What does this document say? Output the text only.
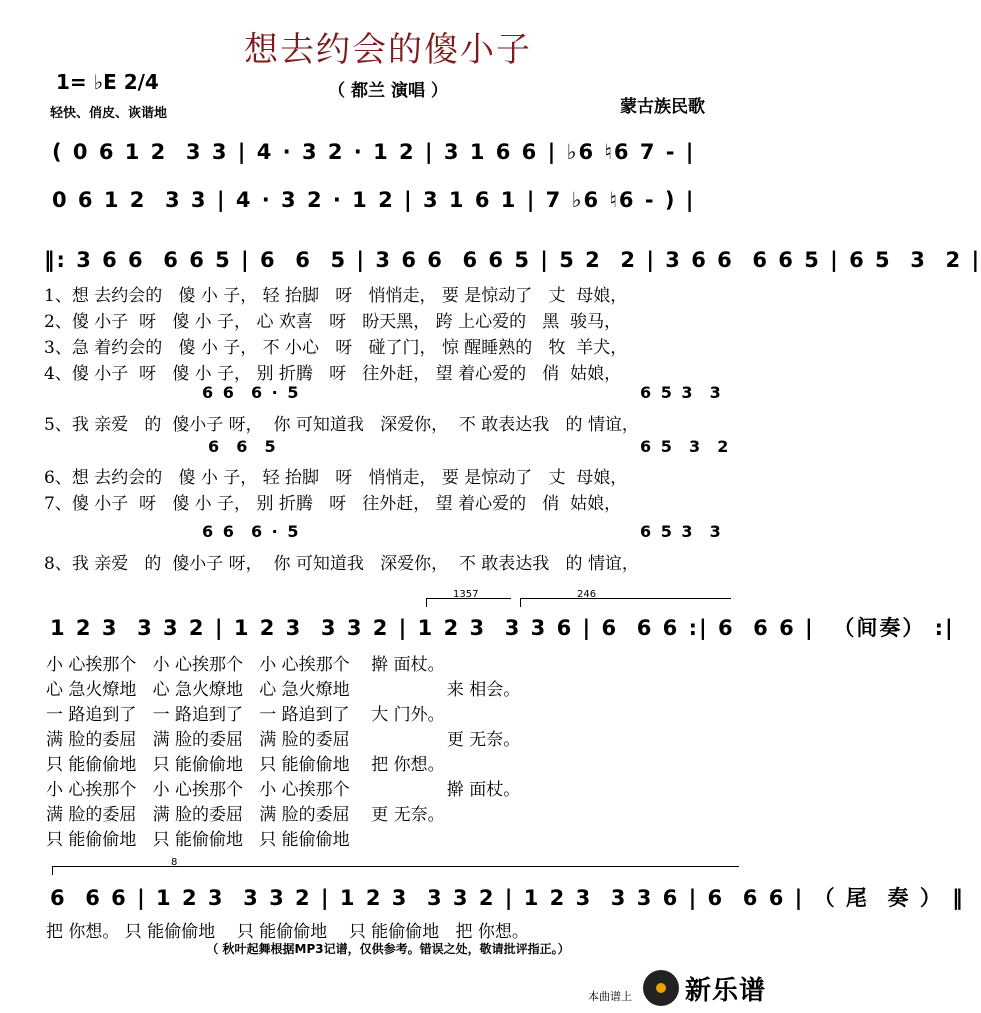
想去约会的傻小子
1= ♭E 2/4	（ 都兰 演唱 ）
轻快、俏皮、诙谐地	蒙古族民歌
( 0 6 1 2  3 3 | 4 · 3 2 · 1 2 | 3 1 6 6 | ♭6 ♮6 7 - |
0 6 1 2  3 3 | 4 · 3 2 · 1 2 | 3 1 6 1 | 7 ♭6 ♮6 - ) |
‖: 3 6 6  6 6 5 | 6  6  5 | 3 6 6  6 6 5 | 5 2  2 | 3 6 6  6 6 5 | 6 5  3  2 |
1、想 去约会的   傻 小 子， 轻 抬脚   呀   悄悄走， 要 是惊动了   丈  母娘，
2、傻 小子  呀   傻 小 子， 心 欢喜   呀   盼天黑， 跨 上心爱的   黑  骏马，
3、急 着约会的   傻 小 子， 不 小心   呀   碰了门， 惊 醒睡熟的   牧  羊犬，
4、傻 小子  呀   傻 小 子， 别 折腾   呀   往外赶， 望 着心爱的   俏  姑娘，
6 6  6 · 5	6 5 3  3
5、我 亲爱   的  傻小子 呀，  你 可知道我   深爱你，  不 敢表达我   的 情谊，
6  6  5	6 5  3  2
6、想 去约会的   傻 小 子， 轻 抬脚   呀   悄悄走， 要 是惊动了   丈  母娘，
7、傻 小子  呀   傻 小 子， 别 折腾   呀   往外赶， 望 着心爱的   俏  姑娘，
6 6  6 · 5	6 5 3  3
8、我 亲爱   的  傻小子 呀，  你 可知道我   深爱你，  不 敢表达我   的 情谊，
1357	246
1 2 3  3 3 2 | 1 2 3  3 3 2 | 1 2 3  3 3 6 | 6  6 6 :| 6  6 6 |  （间奏） :|
小 心挨那个   小 心挨那个   小 心挨那个    擀 面杖。
心 急火燎地   心 急火燎地   心 急火燎地                  来 相会。
一 路追到了   一 路追到了   一 路追到了    大 门外。
满 脸的委屈   满 脸的委屈   满 脸的委屈                  更 无奈。
只 能偷偷地   只 能偷偷地   只 能偷偷地    把 你想。
小 心挨那个   小 心挨那个   小 心挨那个                  擀 面杖。
满 脸的委屈   满 脸的委屈   满 脸的委屈    更 无奈。
只 能偷偷地   只 能偷偷地   只 能偷偷地
8
6  6 6 | 1 2 3  3 3 2 | 1 2 3  3 3 2 | 1 2 3  3 3 6 | 6  6 6 | （ 尾  奏 ） ‖
把 你想。 只 能偷偷地    只 能偷偷地    只 能偷偷地   把 你想。
（ 秋叶起舞根据MP3记谱，仅供参考。错误之处，敬请批评指正。）
本曲谱上 新乐谱
